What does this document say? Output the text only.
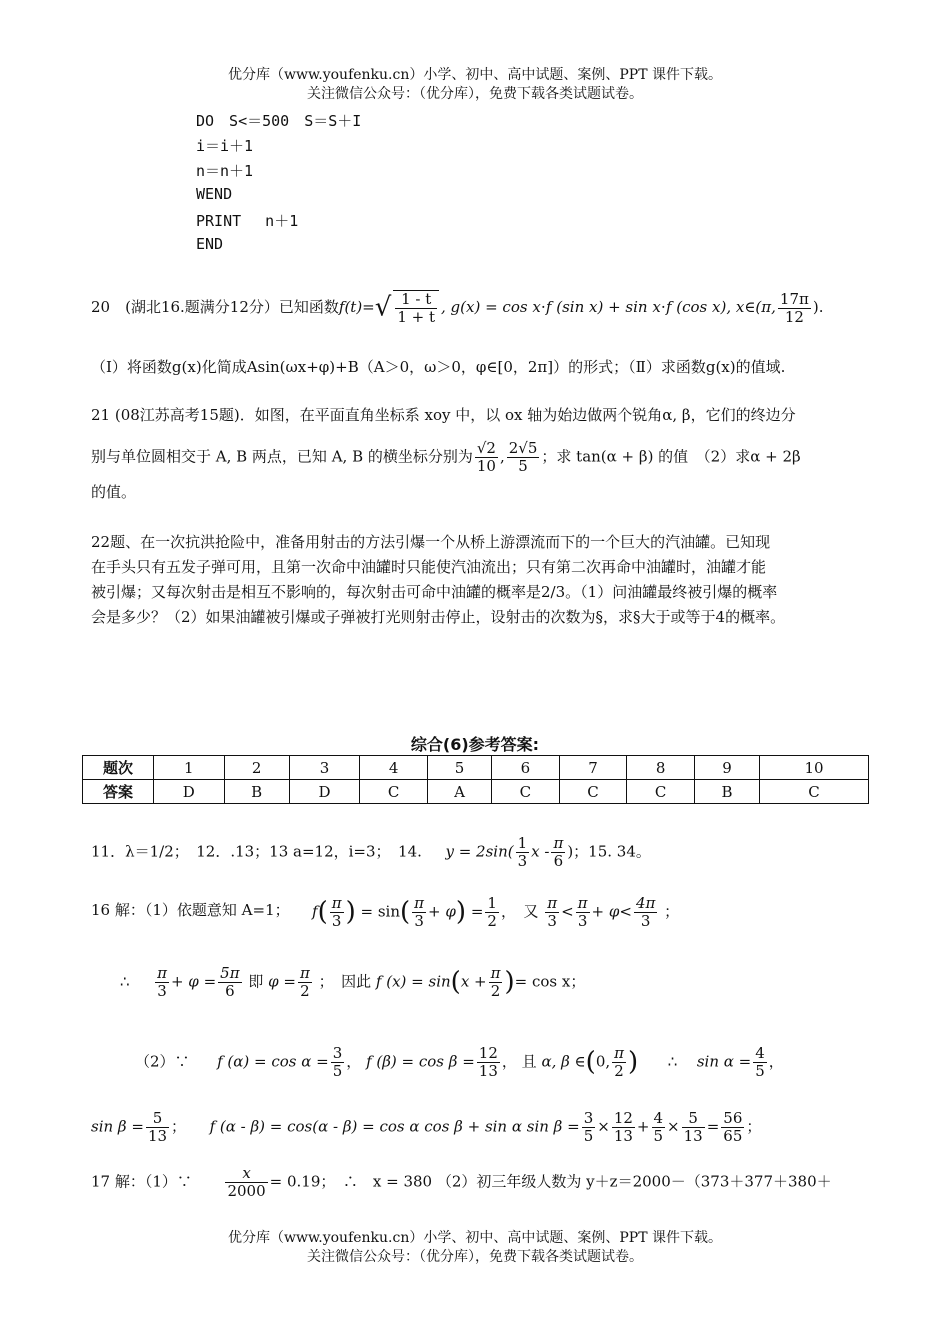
优分库（www.youfenku.cn）小学、初中、高中试题、案例、PPT 课件下载。
关注微信公众号：（优分库），免费下载各类试题试卷。
DO　S<＝500　S＝S＋I
i＝i＋1
n＝n＋1
WEND
PRINT　 n＋1
END
20　(湖北16.题满分12分）已知函数$f(t)=√ \frac{1 - t}{1 + t}$ , g(x) = cos x⋅f (sin x) + sin x⋅f (cos x), x∈(π, $\frac{17\pi}{12}$ ).
（Ⅰ）将函数g(x)化简成Asin(ωx+φ)+B（A＞0，ω＞0，φ∈[0，2π]）的形式；（Ⅱ）求函数g(x)的值域.
21 (08江苏高考15题)．如图，在平面直角坐标系 xoy 中，以 ox 轴为始边做两个锐角α, β，它们的终边分
别与单位圆相交于 A, B 两点，已知 A, B 的横坐标分别为 $\frac{√2}{10}$ , $\frac{2√5}{5}$ ；求 tan(α + β) 的值　（2）求α + 2β
的值。
22题、在一次抗洪抢险中，准备用射击的方法引爆一个从桥上游漂流而下的一个巨大的汽油罐。已知现
在手头只有五发子弹可用，且第一次命中油罐时只能使汽油流出；只有第二次再命中油罐时，油罐才能
被引爆；又每次射击是相互不影响的，每次射击可命中油罐的概率是2/3。（1）问油罐最终被引爆的概率
会是多少？（2）如果油罐被引爆或子弹被打光则射击停止，设射击的次数为§，求§大于或等于4的概率。
综合(6)参考答案:
题次	1	2	3	4	5	6	7	8	9	10
答案	D	B	D	C	A	C	C	C	B	C
11．λ＝1/2；　12．.13；13 a=12，i=3；　14. $y = 2\sin( \frac{1}{3}$ x - $\frac{\pi}{6}$ )；15. 34。
16 解：（1）依题意知 A=1； $f( \frac{\pi}{3}$ ) = $\sin( \frac{\pi}{3} + \varphi) = \frac{1}{2}$ ，　又 $\frac{\pi}{3} < \frac{\pi}{3} + \varphi< \frac{4\pi}{3}$ ；
∴ $\frac{\pi}{3} + \varphi = \frac{5\pi}{6}$ 即 $\varphi = \frac{\pi}{2}$ ；　因此 f $(x) = \sin(x + \frac{\pi}{2}$ )= cos x；
（2）∵ f $(\alpha) = \cos \alpha = \frac{3}{5}$ ， f $(\beta) = \cos \beta = \frac{12}{13}$ ， 且 α, β ∈(0, $\frac{\pi}{2}$ ) ∴ $\sin \alpha = \frac{4}{5}$ ，
$\sin \beta = \frac{5}{13}$ ；  f (α - β) = cos(α - β) = cos α cos β + sin α $\sin \beta = \frac{3}{5} \times \frac{12}{13} + \frac{4}{5} \times \frac{5}{13} = \frac{56}{65}$ ；
17 解：（1）∵ $\frac{x}{2000} = 0.19$；　∴　x = 380 （2）初三年级人数为 y＋z＝2000－（373＋377＋380＋
优分库（www.youfenku.cn）小学、初中、高中试题、案例、PPT 课件下载。
关注微信公众号：（优分库），免费下载各类试题试卷。
